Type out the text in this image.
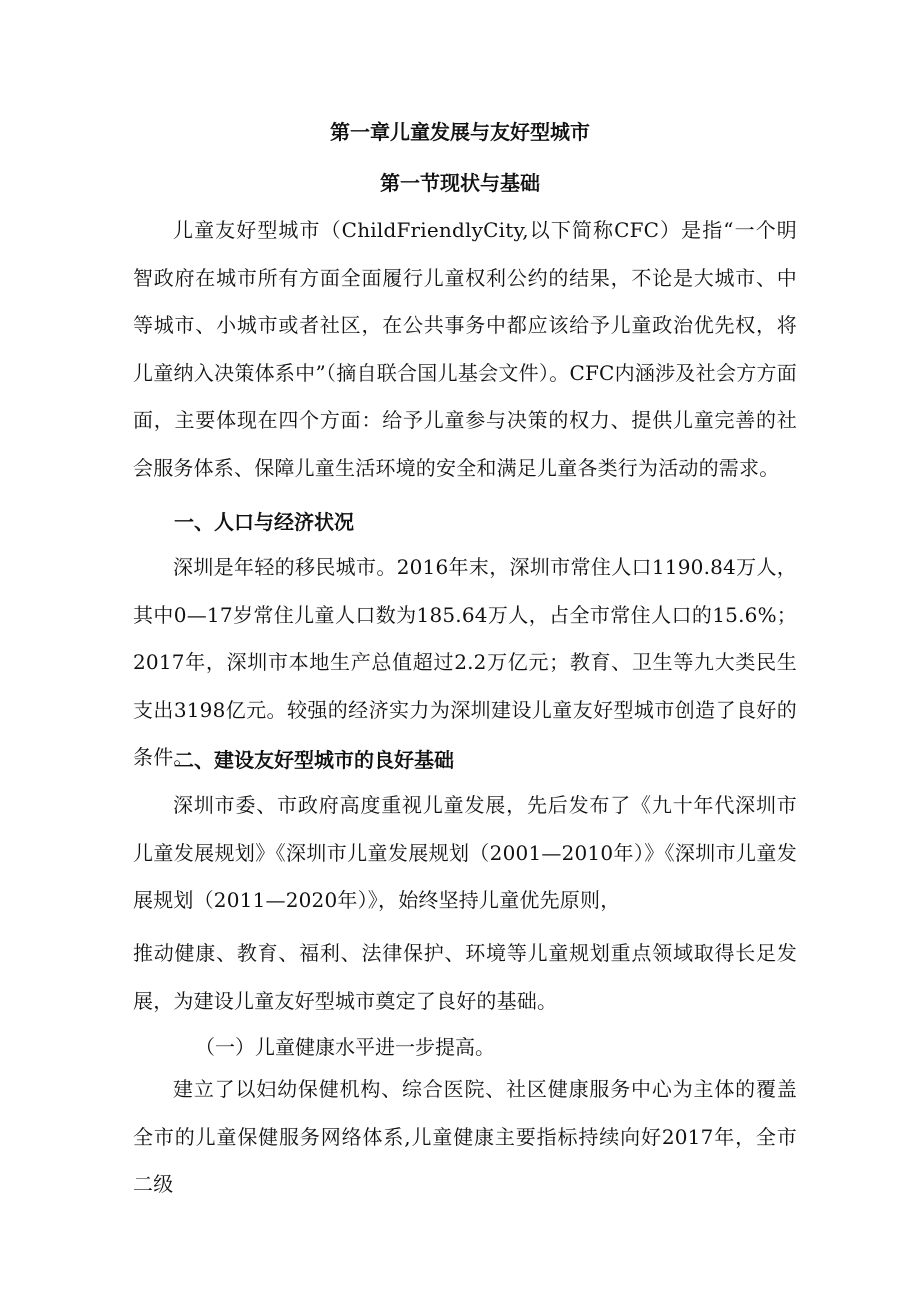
第一章儿童发展与友好型城市
第一节现状与基础
儿童友好型城市（ChildFriendlyCity,以下简称CFC）是指“一个明智政府在城市所有方面全面履行儿童权利公约的结果，不论是大城市、中等城市、小城市或者社区，在公共事务中都应该给予儿童政治优先权，将儿童纳入决策体系中”（摘自联合国儿基会文件）。CFC内涵涉及社会方方面面，主要体现在四个方面：给予儿童参与决策的权力、提供儿童完善的社会服务体系、保障儿童生活环境的安全和满足儿童各类行为活动的需求。
一、人口与经济状况
深圳是年轻的移民城市。2016年末，深圳市常住人口1190.84万人，其中0—17岁常住儿童人口数为185.64万人，占全市常住人口的15.6%；2017年，深圳市本地生产总值超过2.2万亿元；教育、卫生等九大类民生支出3198亿元。较强的经济实力为深圳建设儿童友好型城市创造了良好的条件。
二、建设友好型城市的良好基础
深圳市委、市政府高度重视儿童发展，先后发布了《九十年代深圳市儿童发展规划》《深圳市儿童发展规划（2001—2010年）》《深圳市儿童发展规划（2011—2020年）》，始终坚持儿童优先原则，
推动健康、教育、福利、法律保护、环境等儿童规划重点领域取得长足发展，为建设儿童友好型城市奠定了良好的基础。
（一）儿童健康水平进一步提高。
建立了以妇幼保健机构、综合医院、社区健康服务中心为主体的覆盖全市的儿童保健服务网络体系,儿童健康主要指标持续向好2017年，全市二级
